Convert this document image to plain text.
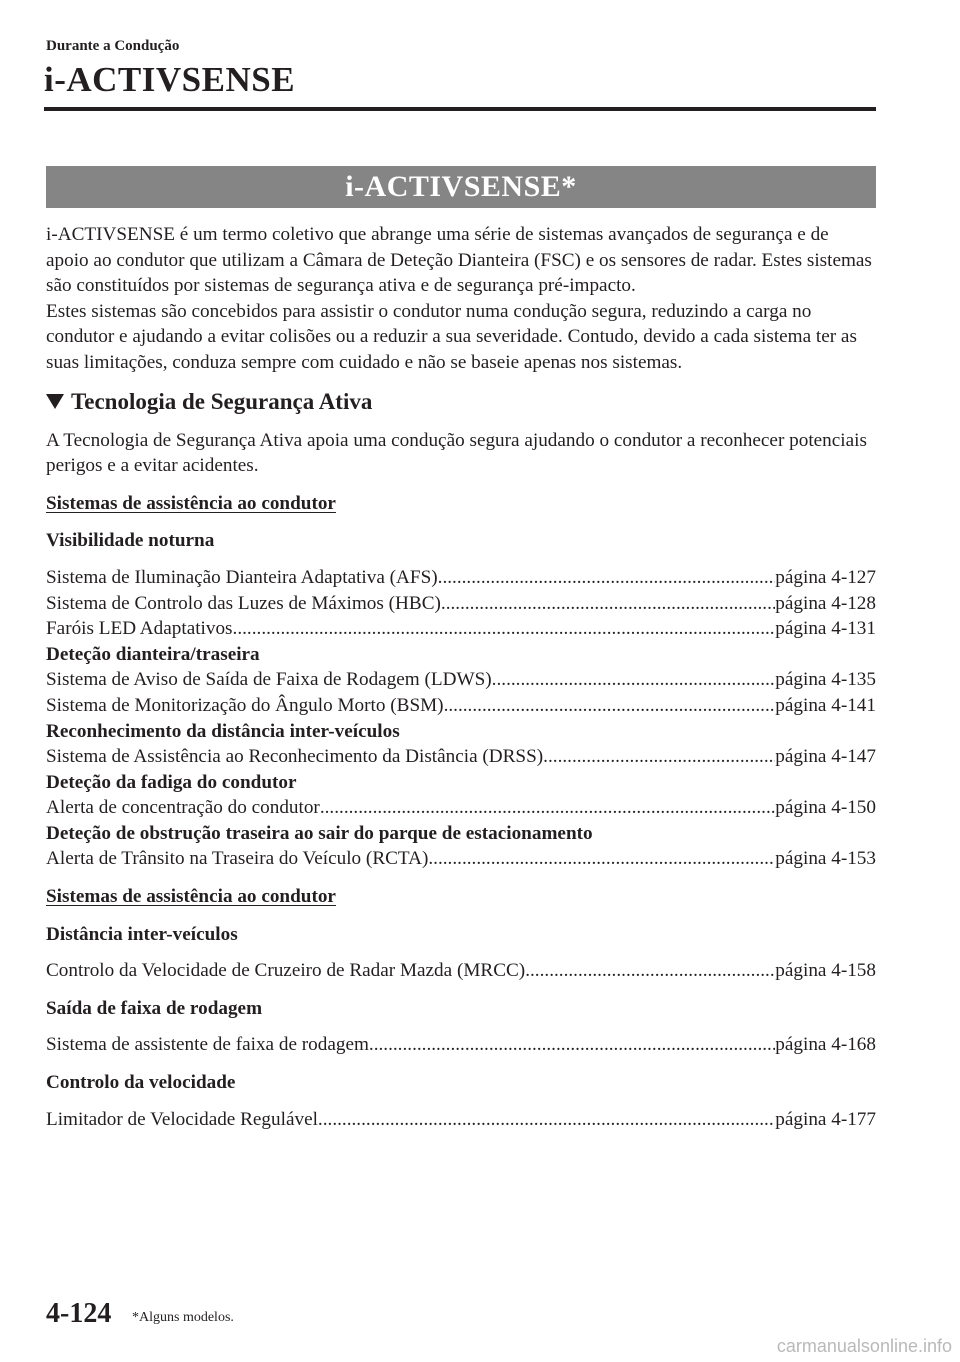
Durante a Condução
i-ACTIVSENSE
i-ACTIVSENSE*

i-ACTIVSENSE é um termo coletivo que abrange uma série de sistemas avançados de segurança e de apoio ao condutor que utilizam a Câmara de Deteção Dianteira (FSC) e os sensores de radar. Estes sistemas são constituídos por sistemas de segurança ativa e de segurança pré-impacto.

Estes sistemas são concebidos para assistir o condutor numa condução segura, reduzindo a carga no condutor e ajudando a evitar colisões ou a reduzir a sua severidade. Contudo, devido a cada sistema ter as suas limitações, conduza sempre com cuidado e não se baseie apenas nos sistemas.

Tecnologia de Segurança Ativa

A Tecnologia de Segurança Ativa apoia uma condução segura ajudando o condutor a reconhecer potenciais perigos e a evitar acidentes.

Sistemas de assistência ao condutor
Visibilidade noturna
Sistema de Iluminação Dianteira Adaptativa (AFS) .....	página 4-127
Sistema de Controlo das Luzes de Máximos (HBC) .....	página 4-128
Faróis LED Adaptativos .....	página 4-131
Deteção dianteira/traseira
Sistema de Aviso de Saída de Faixa de Rodagem (LDWS) .....	página 4-135
Sistema de Monitorização do Ângulo Morto (BSM) .....	página 4-141
Reconhecimento da distância inter-veículos
Sistema de Assistência ao Reconhecimento da Distância (DRSS) .....	página 4-147
Deteção da fadiga do condutor
Alerta de concentração do condutor .....	página 4-150
Deteção de obstrução traseira ao sair do parque de estacionamento
Alerta de Trânsito na Traseira do Veículo (RCTA) .....	página 4-153
Sistemas de assistência ao condutor
Distância inter-veículos
Controlo da Velocidade de Cruzeiro de Radar Mazda (MRCC) .....	página 4-158
Saída de faixa de rodagem
Sistema de assistente de faixa de rodagem .....	página 4-168
Controlo da velocidade
Limitador de Velocidade Regulável .....	página 4-177
4-124 *Alguns modelos.
carmanualsonline.info
